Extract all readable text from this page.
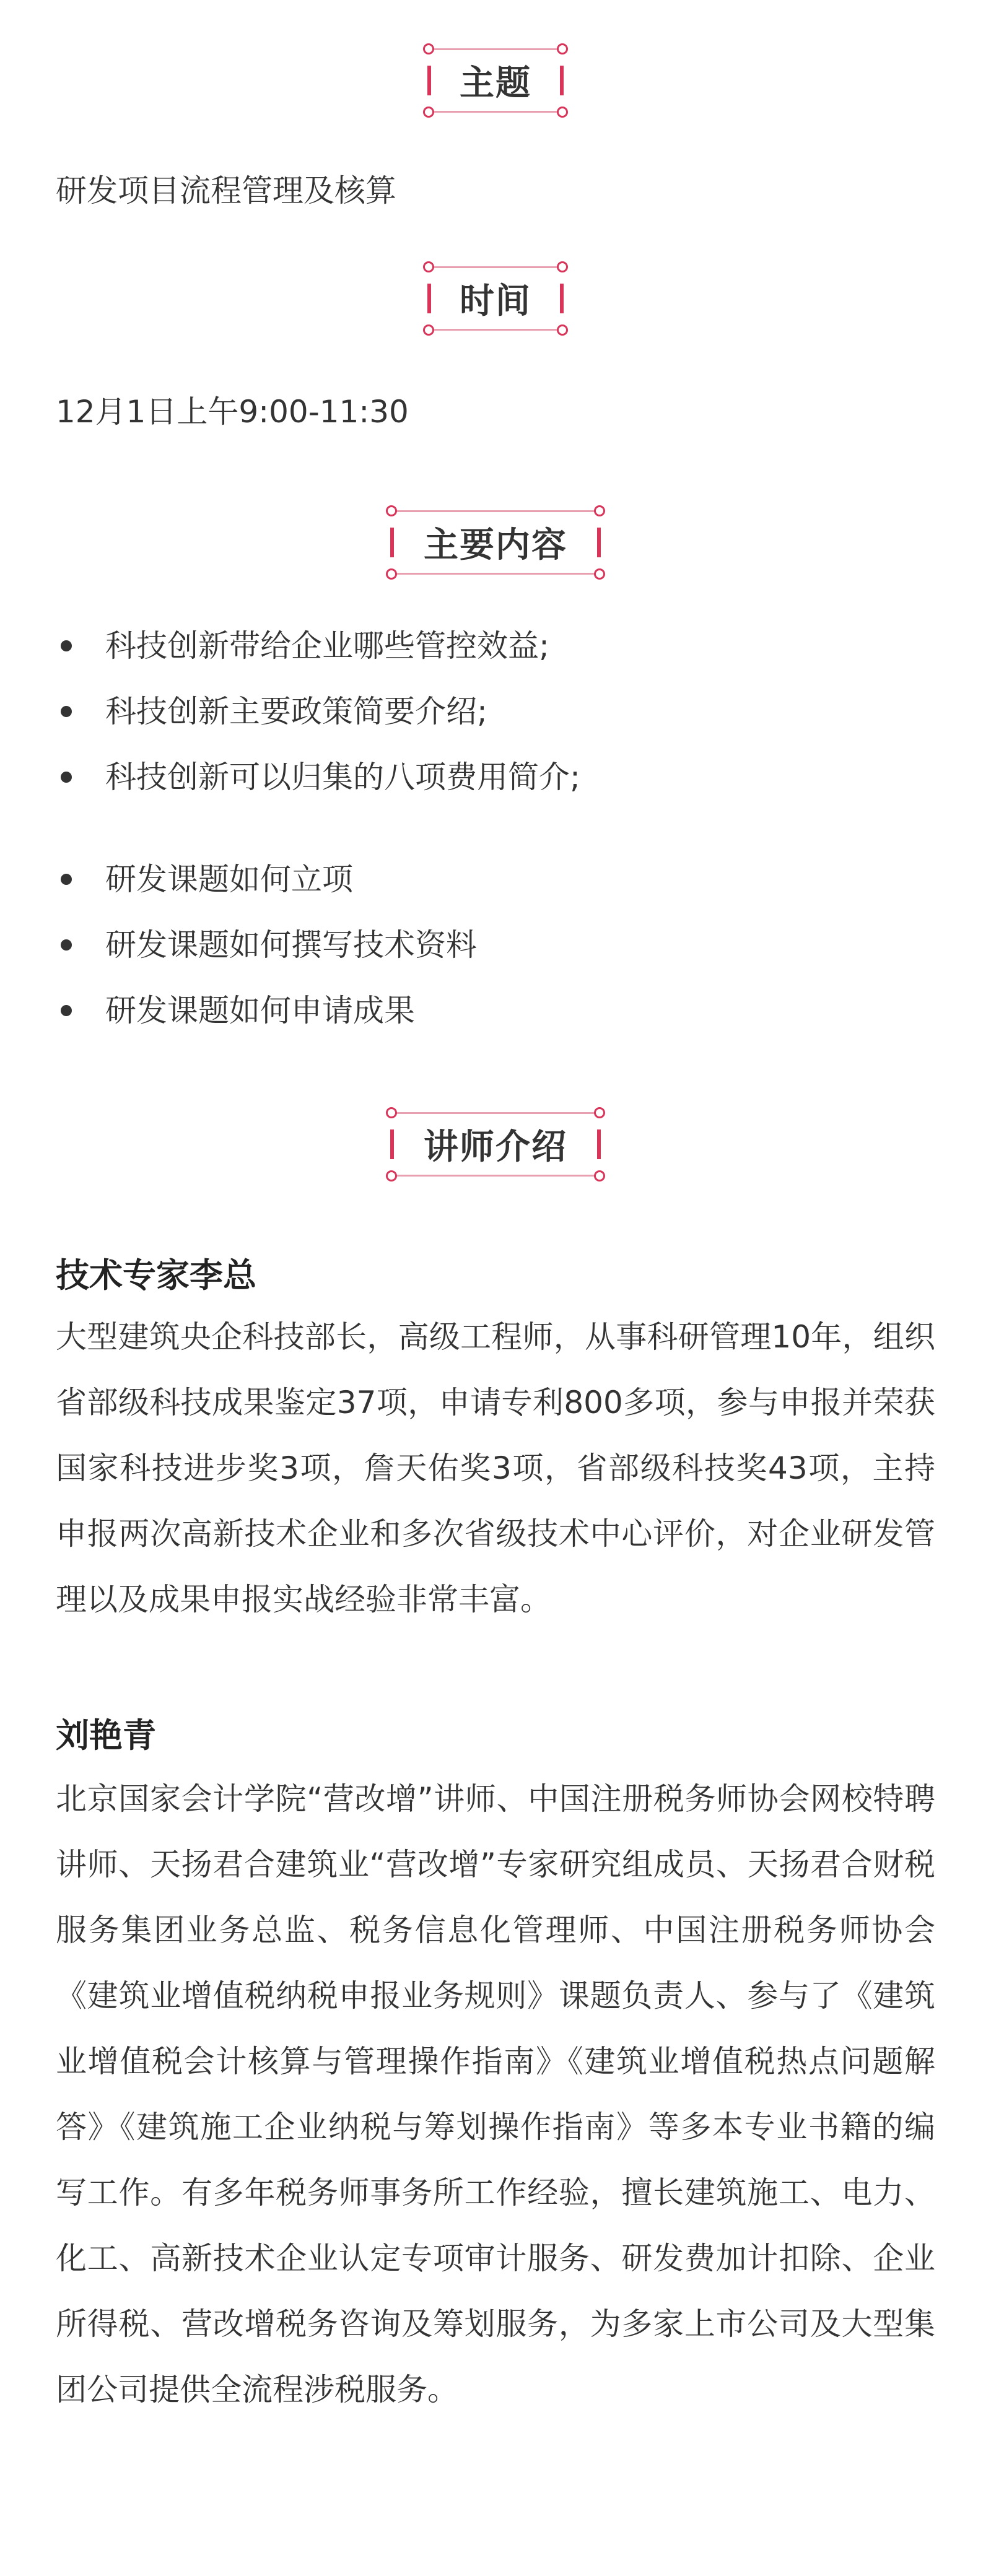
主题
研发项目流程管理及核算
时间
12月1日上午9:00-11:30
主要内容
科技创新带给企业哪些管控效益;
科技创新主要政策简要介绍;
科技创新可以归集的八项费用简介;
研发课题如何立项
研发课题如何撰写技术资料
研发课题如何申请成果
讲师介绍
技术专家李总

大型建筑央企科技部长，高级工程师，从事科研管理10年，组织省部级科技成果鉴定37项，申请专利800多项，参与申报并荣获国家科技进步奖3项，詹天佑奖3项，省部级科技奖43项，主持申报两次高新技术企业和多次省级技术中心评价，对企业研发管理以及成果申报实战经验非常丰富。

刘艳青

北京国家会计学院“营改增”讲师、中国注册税务师协会网校特聘讲师、天扬君合建筑业“营改增”专家研究组成员、天扬君合财税服务集团业务总监、税务信息化管理师、中国注册税务师协会《建筑业增值税纳税申报业务规则》课题负责人、参与了《建筑业增值税会计核算与管理操作指南》《建筑业增值税热点问题解答》《建筑施工企业纳税与筹划操作指南》等多本专业书籍的编写工作。有多年税务师事务所工作经验，擅长建筑施工、电力、化工、高新技术企业认定专项审计服务、研发费加计扣除、企业所得税、营改增税务咨询及筹划服务，为多家上市公司及大型集团公司提供全流程涉税服务。
